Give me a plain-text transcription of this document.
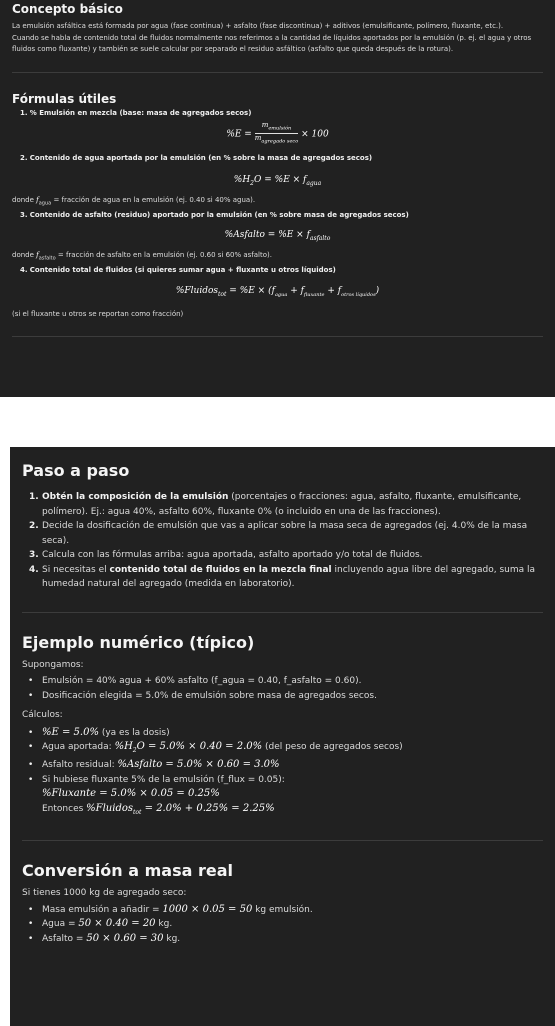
Concepto básico
La emulsión asfáltica está formada por agua (fase continua) + asfalto (fase discontinua) + aditivos (emulsificante, polímero, fluxante, etc.).
Cuando se habla de contenido total de fluidos normalmente nos referimos a la cantidad de líquidos aportados por la emulsión (p. ej. el agua y otros fluidos como fluxante) y también se suele calcular por separado el residuo asfáltico (asfalto que queda después de la rotura).
Fórmulas útiles
1. % Emulsión en mezcla (base: masa de agregados secos)
$\%E = \frac{m_{emulsión}}{m_{agregado seco}} \times 100$
2. Contenido de agua aportada por la emulsión (en % sobre la masa de agregados secos)
$\%H_2O = \%E \times f_{agua}$
donde $f_{agua}$ = fracción de agua en la emulsión (ej. 0.40 si 40% agua).
3. Contenido de asfalto (residuo) aportado por la emulsión (en % sobre masa de agregados secos)
%Asfalto = $\%E \times f_{asfalto}$
donde $f_{asfalto}$ = fracción de asfalto en la emulsión (ej. 0.60 si 60% asfalto).
4. Contenido total de fluidos (si quieres sumar agua + fluxante u otros líquidos)
%Fluidos$_{tot}$ = $\%E \times (f_{agua} + f_{fluxante} + f_{otros líquidos})$
(si el fluxante u otros se reportan como fracción)
Paso a paso
1. Obtén la composición de la emulsión (porcentajes o fracciones: agua, asfalto, fluxante, emulsificante, polímero). Ej.: agua 40%, asfalto 60%, fluxante 0% (o incluido en una de las fracciones).
2. Decide la dosificación de emulsión que vas a aplicar sobre la masa seca de agregados (ej. 4.0% de la masa seca).
3. Calcula con las fórmulas arriba: agua aportada, asfalto aportado y/o total de fluidos.
4. Si necesitas el contenido total de fluidos en la mezcla final incluyendo agua libre del agregado, suma la humedad natural del agregado (medida en laboratorio).
Ejemplo numérico (típico)
Supongamos:
• Emulsión = 40% agua + 60% asfalto (f_agua = 0.40, f_asfalto = 0.60).
• Dosificación elegida = 5.0% de emulsión sobre masa de agregados secos.
Cálculos:
• %E = 5.0% (ya es la dosis)
• Agua aportada: $\%H_2O = 5.0\% \times 0.40 = 2.0\%$ (del peso de agregados secos)
• Asfalto residual: %Asfalto = 5.0% × 0.60 = 3.0%
• Si hubiese fluxante 5% de la emulsión (f_flux = 0.05):
%Fluxante = 5.0% × 0.05 = 0.25%
Entonces %Fluidos$_{tot}$ = 2.0% + 0.25% = 2.25%
Conversión a masa real
Si tienes 1000 kg de agregado seco:
• Masa emulsión a añadir = 1000 × 0.05 = 50 kg emulsión.
• Agua = 50 × 0.40 = 20 kg.
• Asfalto = 50 × 0.60 = 30 kg.
